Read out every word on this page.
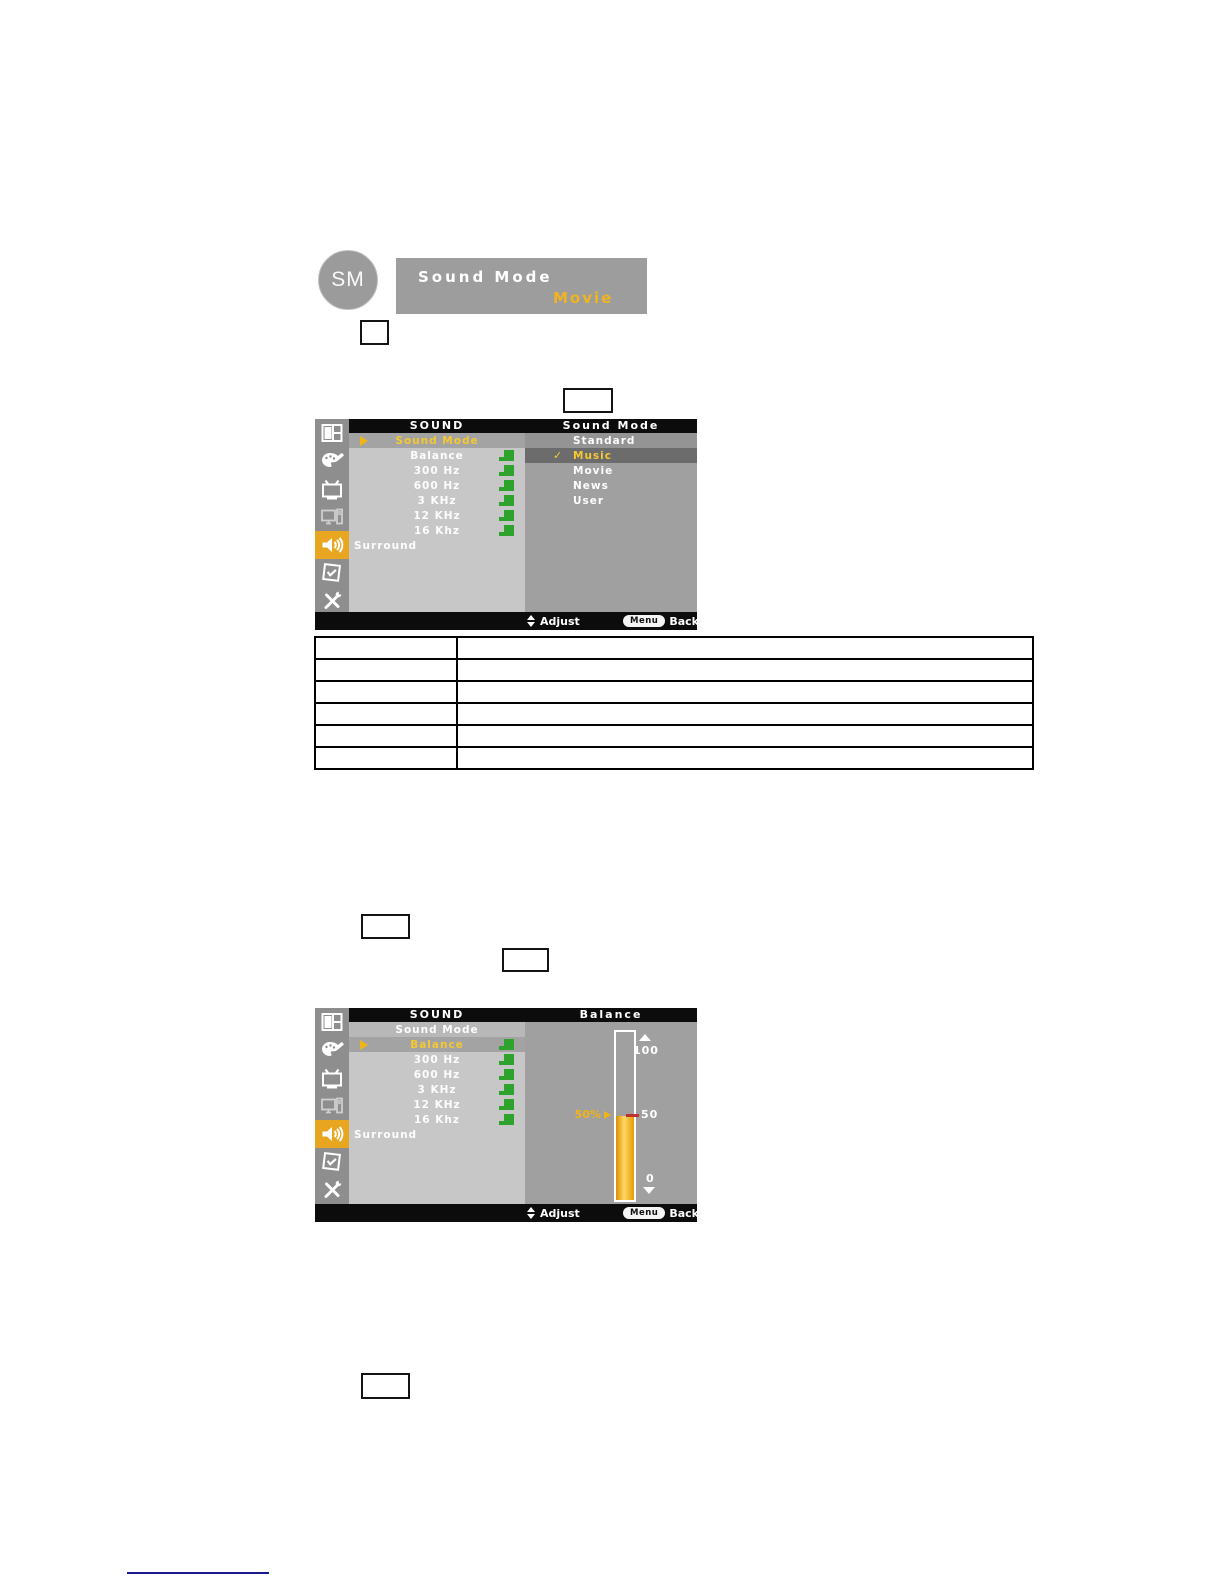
SM	Sound Mode
Movie
SOUND	Sound Mode
Sound Mode
Balance
300 Hz
600 Hz
3 KHz
12 KHz
16 Khz
Surround
Standard
✓ Music
Movie
News
User
Adjust	Menu	Back
SOUND	Balance
Sound Mode
Balance
300 Hz
600 Hz
3 KHz
12 KHz
16 Khz
Surround
100
50
0
50%
Adjust	Menu	Back
